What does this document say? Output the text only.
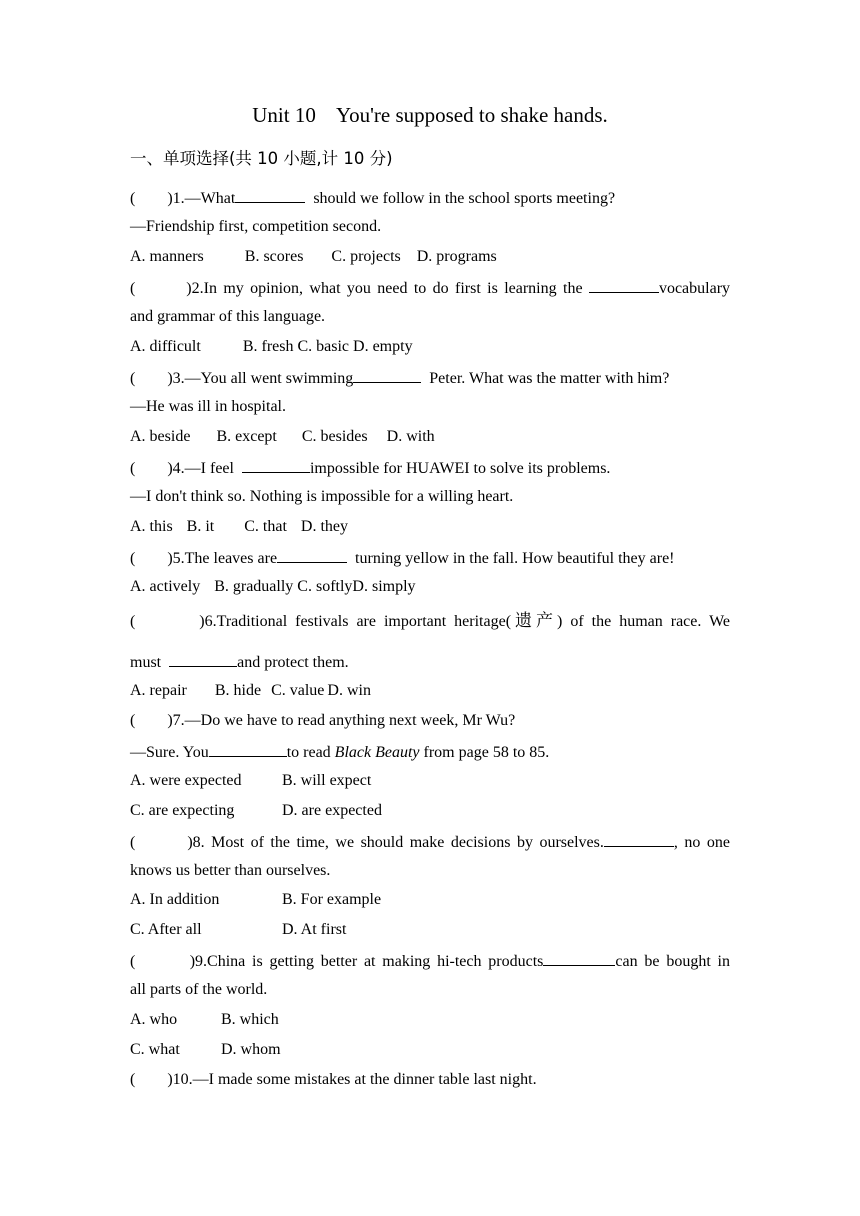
Unit 10    You're supposed to shake hands.
一、单项选择(共 10 小题,计 10 分)
(        )1.—What	should we follow in the school sports meeting?
—Friendship first, competition second.
A. manners	B. scores C. projects D. programs
(        )2.In my opinion, what you need to do first is learning the	vocabulary
and grammar of this language.
A. difficult	B. fresh C. basic D. empty
(        )3.—You all went swimming	Peter. What was the matter with him?
—He was ill in hospital.
A. beside B. except C. besides D. with
(        )4.—I feel	impossible for HUAWEI to solve its problems.
—I don't think so. Nothing is impossible for a willing heart.
A. this B. it C. that D. they
(        )5.The leaves are	turning yellow in the fall. How beautiful they are!
A. actively B. gradually C. softlyD. simply
(        )6.Traditional festivals are important heritage(遗产) of the human race. We
must	and protect them.
A. repair B. hide C. value D. win
(        )7.—Do we have to read anything next week, Mr Wu?
—Sure. You	to read Black Beauty from page 58 to 85.
A. were expected	B. will expect
C. are expecting	D. are expected
(        )8. Most of the time, we should make decisions by ourselves.	, no one
knows us better than ourselves.
A. In addition	B. For example
C. After all	D. At first
(        )9.China is getting better at making hi-tech products	can be bought in
all parts of the world.
A. who	B. which
C. what	D. whom
(        )10.—I made some mistakes at the dinner table last night.
